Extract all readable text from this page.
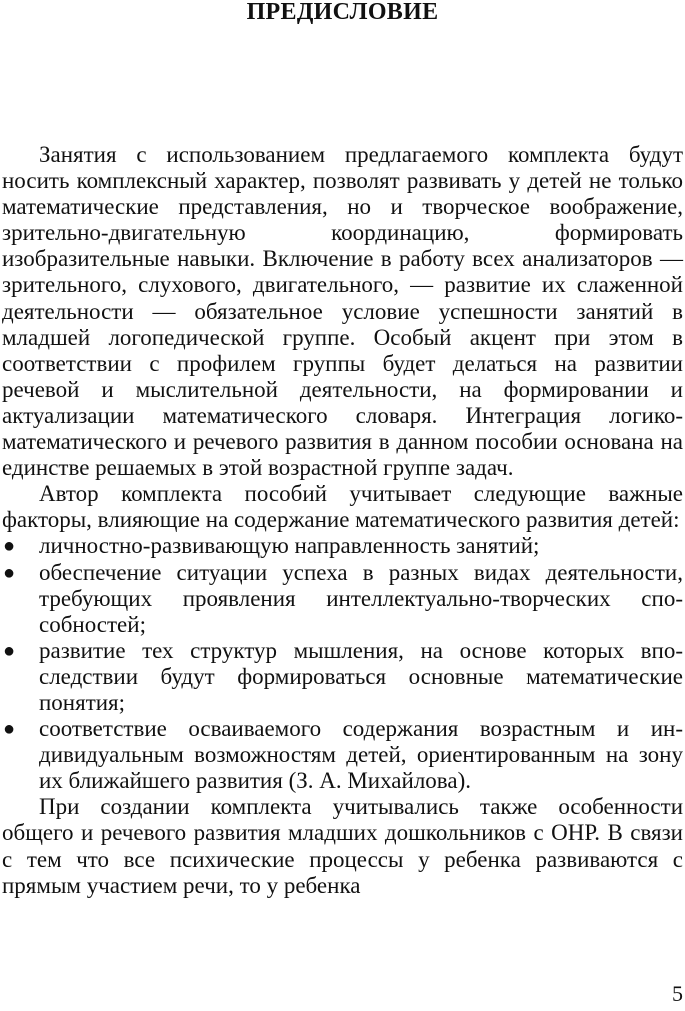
ПРЕДИСЛОВИЕ

Занятия с использованием предлагаемого комплекта будут носить комплексный характер, позволят развивать у детей не только математические представления, но и творческое воображение, зрительно-двигательную координацию, формировать изобразительные навыки. Включение в работу всех анализаторов — зрительного, слухового, двигательного, — развитие их слаженной деятельности — обязательное условие успешности занятий в младшей логопедической группе. Особый акцент при этом в соответствии с профилем группы будет делаться на развитии речевой и мыслительной деятельности, на формировании и актуализации математического словаря. Интеграция логико-математического и речевого развития в данном пособии основана на единстве решаемых в этой возрастной группе задач.

Автор комплекта пособий учитывает следующие важные факторы, влияющие на содержание математического развития детей:

● личностно-развивающую направленность занятий;
● обеспечение ситуации успеха в разных видах деятельности, требующих проявления интеллектуально-творческих способностей;
● развитие тех структур мышления, на основе которых впоследствии будут формироваться основные математические понятия;
● соответствие осваиваемого содержания возрастным и индивидуальным возможностям детей, ориентированным на зону их ближайшего развития (З. А. Михайлова).

При создании комплекта учитывались также особенности общего и речевого развития младших дошкольников с ОНР. В связи с тем что все психические процессы у ребенка развиваются с прямым участием речи, то у ребенка

5
